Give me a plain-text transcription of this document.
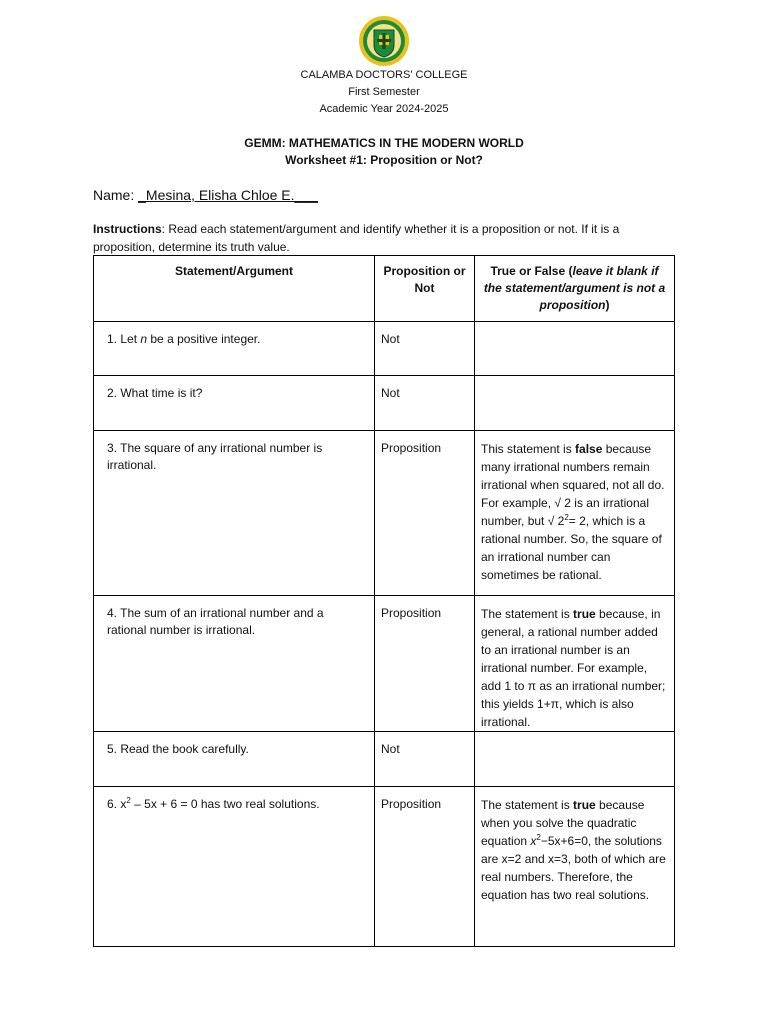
CALAMBA DOCTORS' COLLEGE
First Semester
Academic Year 2024-2025
GEMM: MATHEMATICS IN THE MODERN WORLD
Worksheet #1: Proposition or Not?
Name: _Mesina, Elisha Chloe E.___
Instructions: Read each statement/argument and identify whether it is a proposition or not. If it is a proposition, determine its truth value.
Statement/Argument	Proposition or Not	True or False (leave it blank if the statement/argument is not a proposition)
1. Let n be a positive integer.	Not	
2. What time is it?	Not	
3. The square of any irrational number is irrational.	Proposition	This statement is false because many irrational numbers remain irrational when squared, not all do. For example, √ 2 is an irrational number, but √ $2^2= 2$, which is a rational number. So, the square of an irrational number can sometimes be rational.
4. The sum of an irrational number and a rational number is irrational.	Proposition	The statement is true because, in general, a rational number added to an irrational number is an irrational number. For example, add 1 to π as an irrational number; this yields 1+π, which is also irrational.
5. Read the book carefully.	Not	
6. $x^2 - 5x + 6 = 0$ has two real solutions.	Proposition	The statement is true because when you solve the quadratic equation $x^2-5x+6=0$, the solutions are x=2 and x=3, both of which are real numbers. Therefore, the equation has two real solutions.
